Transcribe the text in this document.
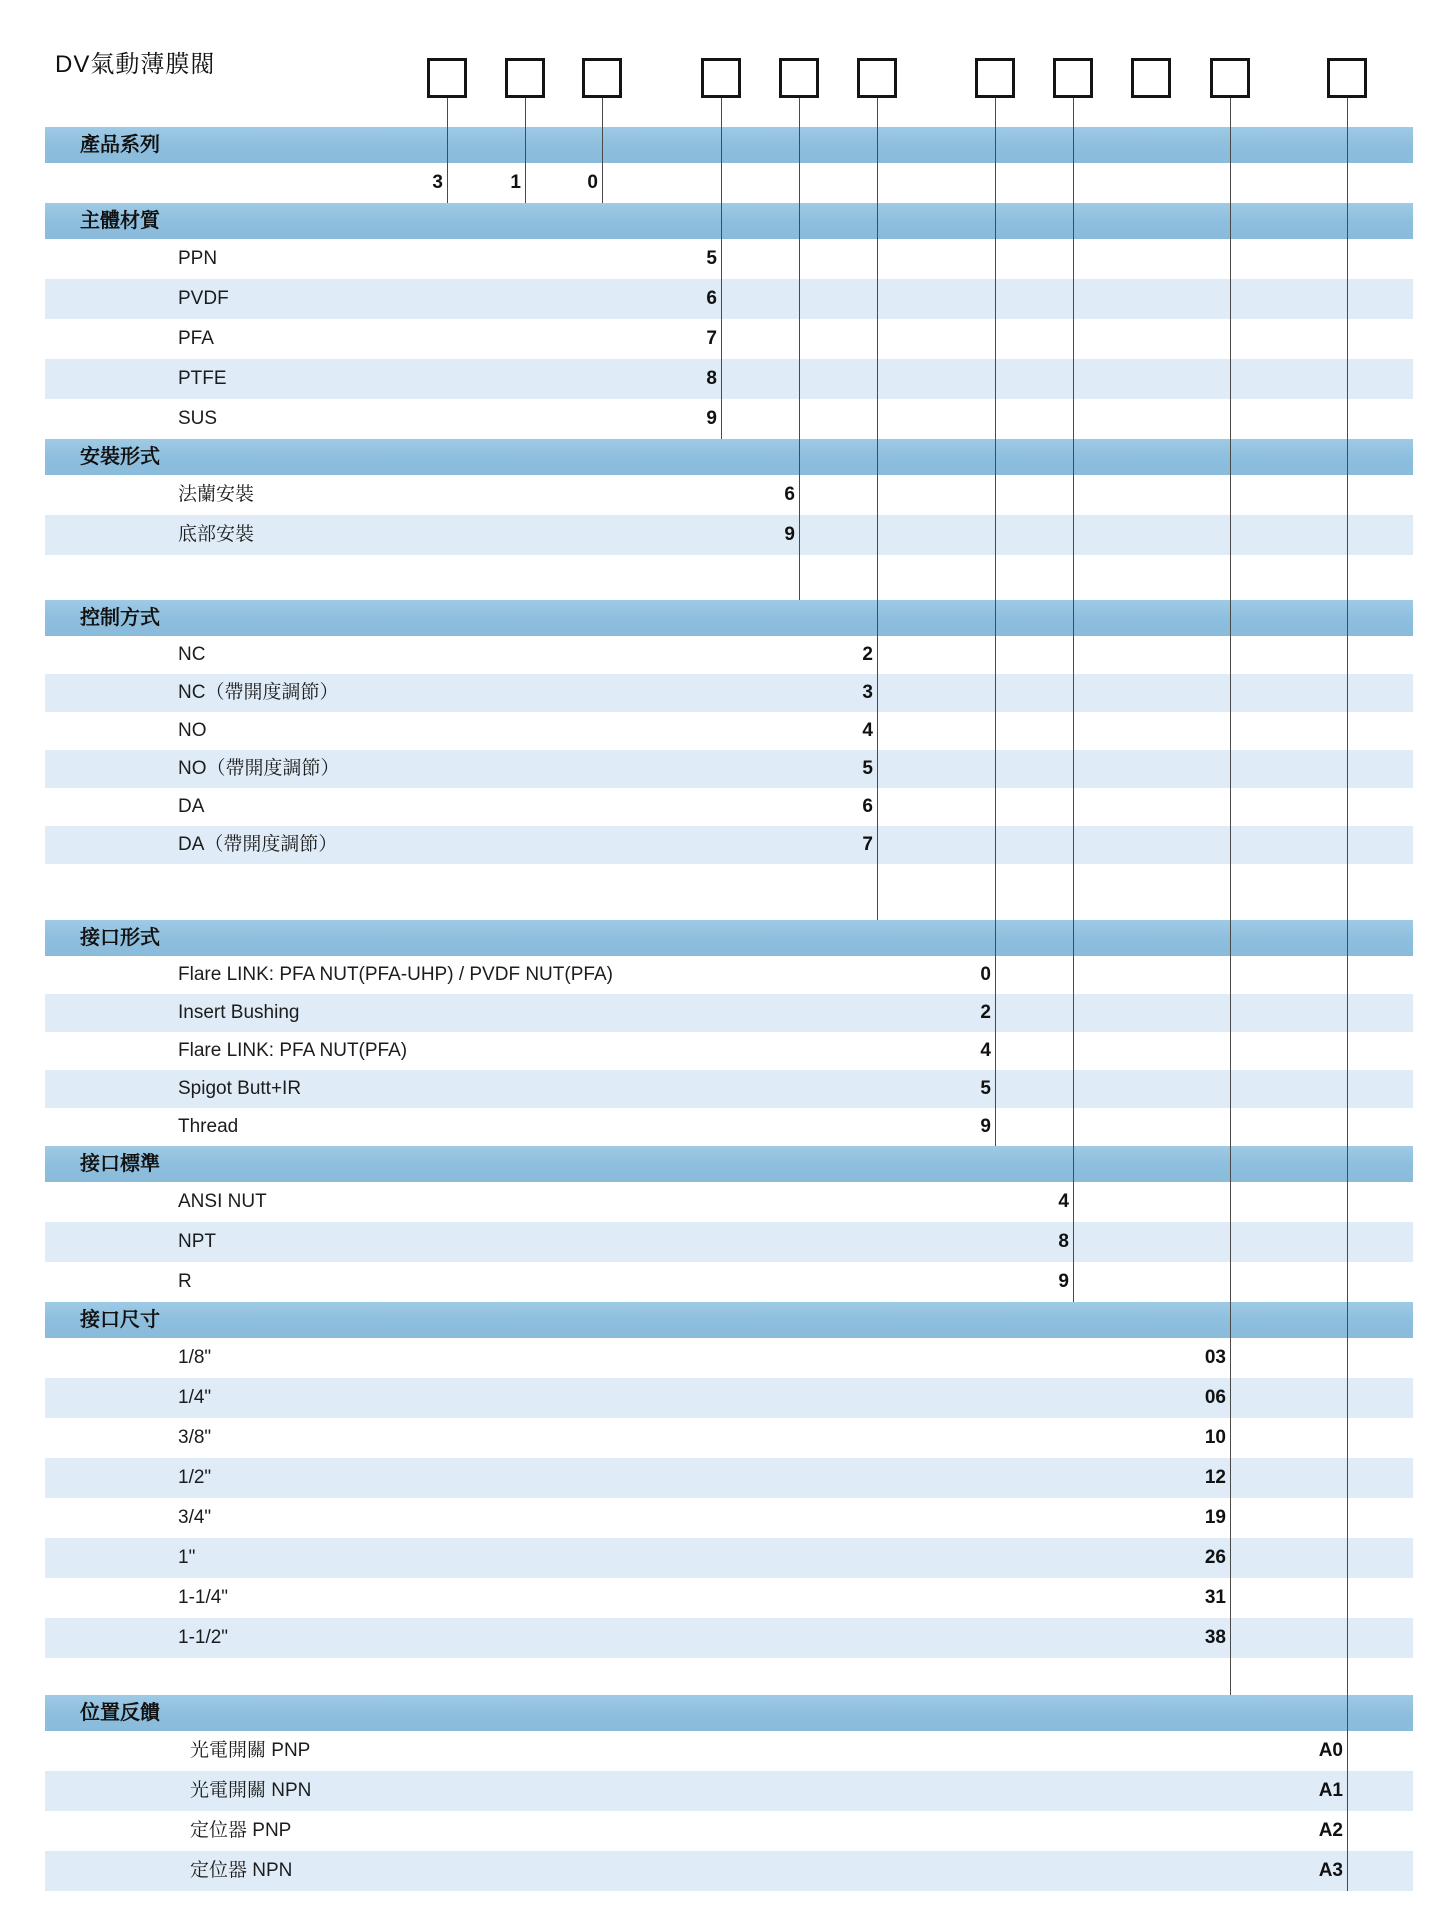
DV氣動薄膜閥
產品系列
3	1	0
主體材質
PPN	5
PVDF	6
PFA	7
PTFE	8
SUS	9
安裝形式
法蘭安裝	6
底部安裝	9
控制方式
NC	2
NC（帶開度調節）	3
NO	4
NO（帶開度調節）	5
DA	6
DA（帶開度調節）	7
接口形式
Flare LINK: PFA NUT(PFA-UHP) / PVDF NUT(PFA)	0
Insert Bushing	2
Flare LINK: PFA NUT(PFA)	4
Spigot Butt+IR	5
Thread	9
接口標準
ANSI NUT	4
NPT	8
R	9
接口尺寸
1/8"	03
1/4"	06
3/8"	10
1/2"	12
3/4"	19
1"	26
1-1/4"	31
1-1/2"	38
位置反饋
光電開關 PNP	A0
光電開關 NPN	A1
定位器 PNP	A2
定位器 NPN	A3
